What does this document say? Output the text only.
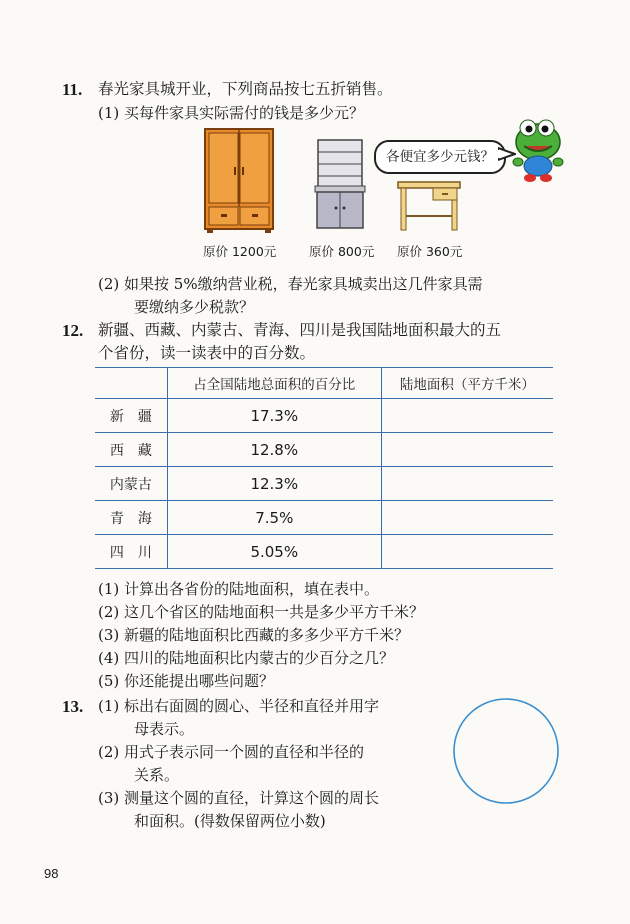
11. 春光家具城开业，下列商品按七五折销售。
(1) 买每件家具实际需付的钱是多少元？
原价 1200元	原价 800元 原价 360元
各便宜多少元钱？
(2) 如果按 5%缴纳营业税，春光家具城卖出这几件家具需
要缴纳多少税款？
12. 新疆、西藏、内蒙古、青海、四川是我国陆地面积最大的五
个省份，读一读表中的百分数。
	占全国陆地总面积的百分比	陆地面积（平方千米）
新　疆	17.3%	
西　藏	12.8%	
内蒙古	12.3%	
青　海	7.5%	
四　川	5.05%	
(1) 计算出各省份的陆地面积，填在表中。
(2) 这几个省区的陆地面积一共是多少平方千米？
(3) 新疆的陆地面积比西藏的多多少平方千米？
(4) 四川的陆地面积比内蒙古的少百分之几？
(5) 你还能提出哪些问题？
13. (1) 标出右面圆的圆心、半径和直径并用字
母表示。
(2) 用式子表示同一个圆的直径和半径的
关系。
(3) 测量这个圆的直径，计算这个圆的周长
和面积。(得数保留两位小数)
98
